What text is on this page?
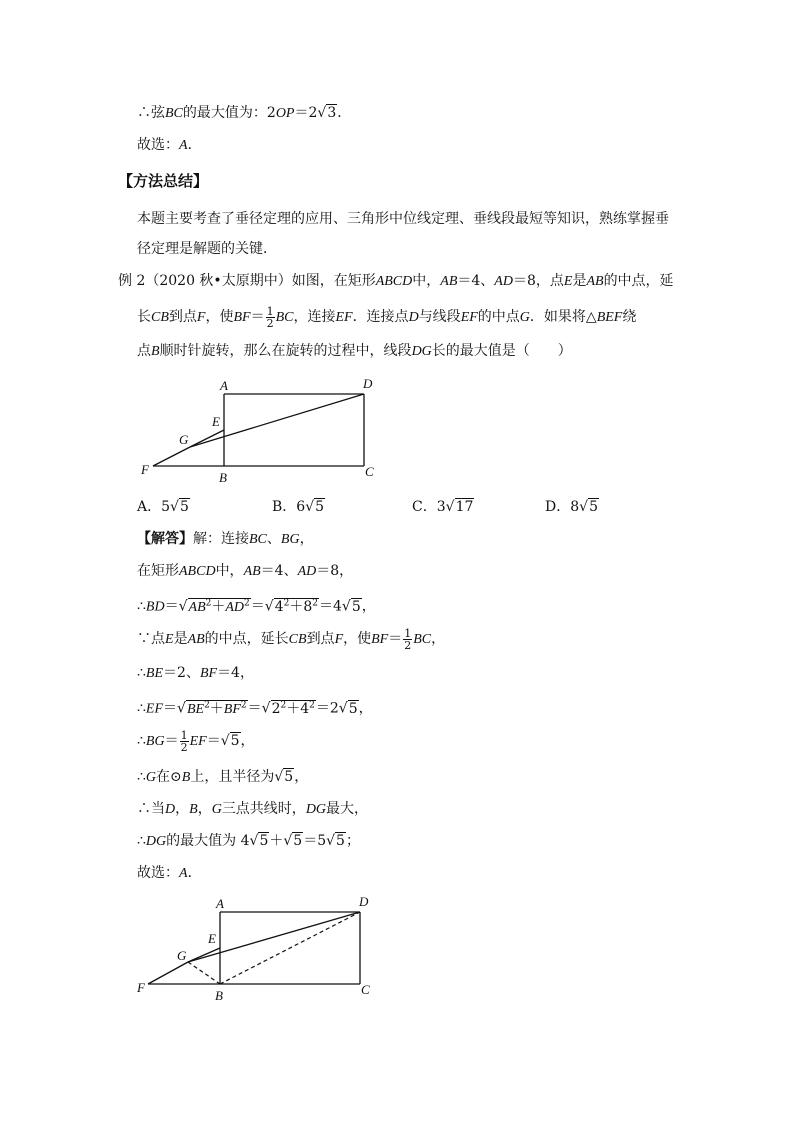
∴弦BC的最大值为：2OP＝2√3．
故选：A．
【方法总结】
本题主要考查了垂径定理的应用、三角形中位线定理、垂线段最短等知识，熟练掌握垂
径定理是解题的关键．
例 2（2020 秋•太原期中）如图，在矩形ABCD中，AB＝4、AD＝8，点E是AB的中点，延
长CB到点F，使$BF= \frac{1}{2}$ BC，连接EF．连接点D与线段EF的中点G．如果将△BEF绕
点B顺时针旋转，那么在旋转的过程中，线段DG长的最大值是（　　）
A	D
E
G
F
B	C
A．5√5	B．6√5	C．3√17	D．8√5
【解答】解：连接BC、BG，
在矩形ABCD中，AB＝4、AD＝8，
$\therefore BD=√AB^2+AD^2=√4^2+8^2=4√5$，
∵点E是AB的中点，延长CB到点F，使$BF= \frac{1}{2}$ BC，
∴BE＝2、BF＝4，
$\therefore EF=√BE^2+BF^2=√2^2+4^2=2√5$，
∴BG＝ $\frac{1}{2} EF=√5$，
∴G在⊙B上，且半径为√5，
∴当D，B，G三点共线时，DG最大，
∴DG的最大值为 4√5＋√5＝5√5；
故选：A．
A	D
E
G
F
B	C
